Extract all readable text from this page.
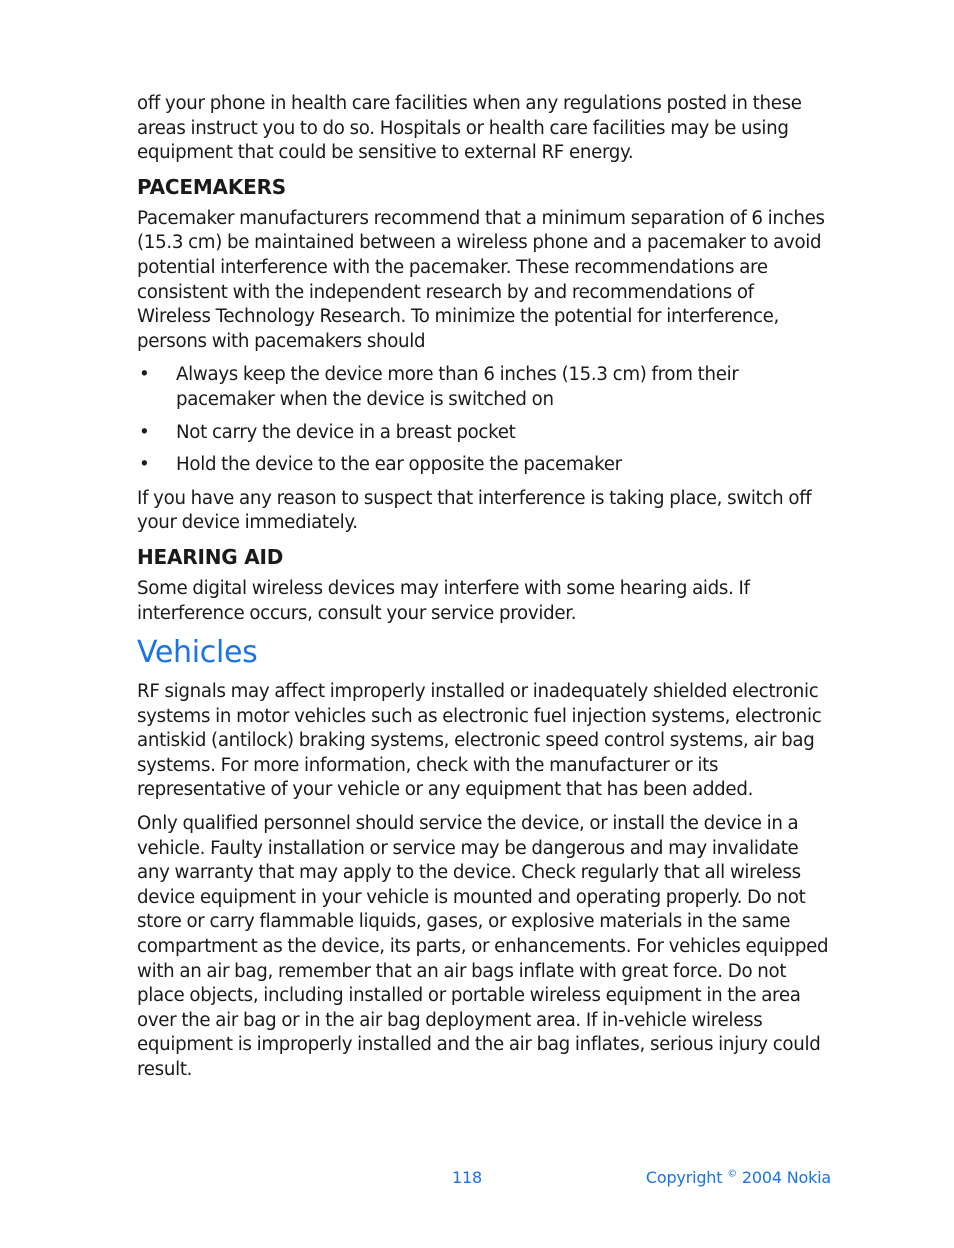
off your phone in health care facilities when any regulations posted in these areas instruct you to do so. Hospitals or health care facilities may be using equipment that could be sensitive to external RF energy.

PACEMAKERS

Pacemaker manufacturers recommend that a minimum separation of 6 inches (15.3 cm) be maintained between a wireless phone and a pacemaker to avoid potential interference with the pacemaker. These recommendations are consistent with the independent research by and recommendations of Wireless Technology Research. To minimize the potential for interference, persons with pacemakers should

• Always keep the device more than 6 inches (15.3 cm) from their pacemaker when the device is switched on
• Not carry the device in a breast pocket
• Hold the device to the ear opposite the pacemaker

If you have any reason to suspect that interference is taking place, switch off your device immediately.

HEARING AID

Some digital wireless devices may interfere with some hearing aids. If interference occurs, consult your service provider.

Vehicles

RF signals may affect improperly installed or inadequately shielded electronic systems in motor vehicles such as electronic fuel injection systems, electronic antiskid (antilock) braking systems, electronic speed control systems, air bag systems. For more information, check with the manufacturer or its representative of your vehicle or any equipment that has been added.

Only qualified personnel should service the device, or install the device in a vehicle. Faulty installation or service may be dangerous and may invalidate any warranty that may apply to the device. Check regularly that all wireless device equipment in your vehicle is mounted and operating properly. Do not store or carry flammable liquids, gases, or explosive materials in the same compartment as the device, its parts, or enhancements. For vehicles equipped with an air bag, remember that an air bags inflate with great force. Do not place objects, including installed or portable wireless equipment in the area over the air bag or in the air bag deployment area. If in-vehicle wireless equipment is improperly installed and the air bag inflates, serious injury could result.

118	Copyright © 2004 Nokia
